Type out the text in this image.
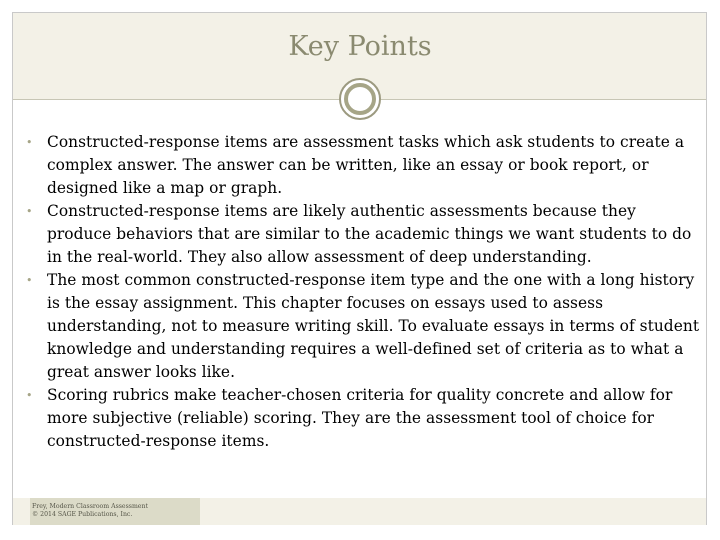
Key Points
• Constructed-response items are assessment tasks which ask students to create a complex answer. The answer can be written, like an essay or book report, or designed like a map or graph.
• Constructed-response items are likely authentic assessments because they produce behaviors that are similar to the academic things we want students to do in the real-world. They also allow assessment of deep understanding.
• The most common constructed-response item type and the one with a long history is the essay assignment. This chapter focuses on essays used to assess understanding, not to measure writing skill. To evaluate essays in terms of student knowledge and understanding requires a well-defined set of criteria as to what a great answer looks like.
• Scoring rubrics make teacher-chosen criteria for quality concrete and allow for more subjective (reliable) scoring. They are the assessment tool of choice for constructed-response items.
Frey, Modern Classroom Assessment
© 2014 SAGE Publications, Inc.
